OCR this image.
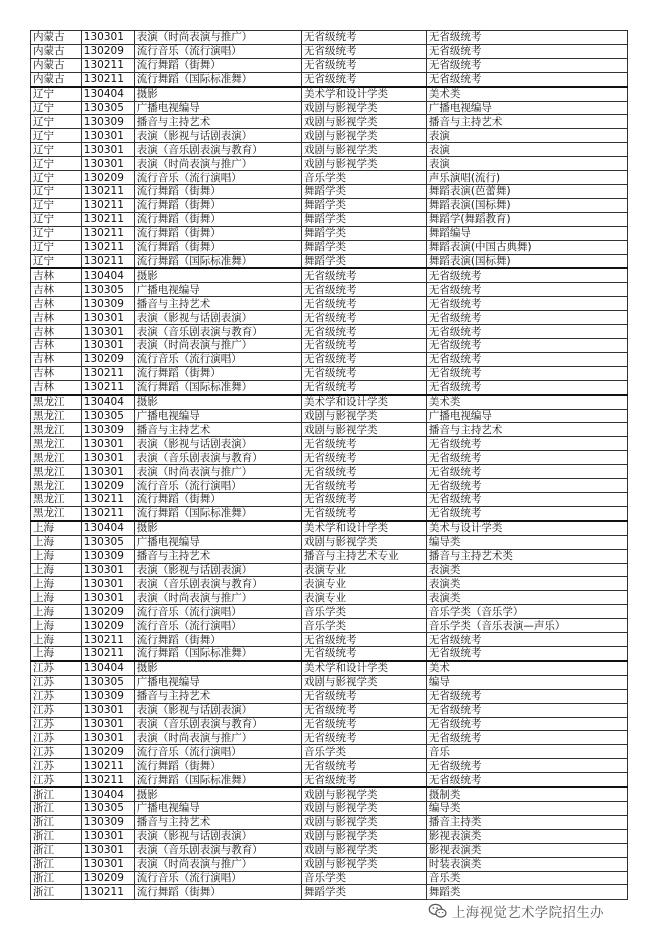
内蒙古	130301	表演（时尚表演与推广）	无省级统考	无省级统考
内蒙古	130209	流行音乐（流行演唱）	无省级统考	无省级统考
内蒙古	130211	流行舞蹈（街舞）	无省级统考	无省级统考
内蒙古	130211	流行舞蹈（国际标准舞）	无省级统考	无省级统考
辽宁	130404	摄影	美术学和设计学类	美术类
辽宁	130305	广播电视编导	戏剧与影视学类	广播电视编导
辽宁	130309	播音与主持艺术	戏剧与影视学类	播音与主持艺术
辽宁	130301	表演（影视与话剧表演）	戏剧与影视学类	表演
辽宁	130301	表演（音乐剧表演与教育）	戏剧与影视学类	表演
辽宁	130301	表演（时尚表演与推广）	戏剧与影视学类	表演
辽宁	130209	流行音乐（流行演唱）	音乐学类	声乐演唱(流行)
辽宁	130211	流行舞蹈（街舞）	舞蹈学类	舞蹈表演(芭蕾舞)
辽宁	130211	流行舞蹈（街舞）	舞蹈学类	舞蹈表演(国标舞)
辽宁	130211	流行舞蹈（街舞）	舞蹈学类	舞蹈学(舞蹈教育)
辽宁	130211	流行舞蹈（街舞）	舞蹈学类	舞蹈编导
辽宁	130211	流行舞蹈（街舞）	舞蹈学类	舞蹈表演(中国古典舞)
辽宁	130211	流行舞蹈（国际标准舞）	舞蹈学类	舞蹈表演(国标舞)
吉林	130404	摄影	无省级统考	无省级统考
吉林	130305	广播电视编导	无省级统考	无省级统考
吉林	130309	播音与主持艺术	无省级统考	无省级统考
吉林	130301	表演（影视与话剧表演）	无省级统考	无省级统考
吉林	130301	表演（音乐剧表演与教育）	无省级统考	无省级统考
吉林	130301	表演（时尚表演与推广）	无省级统考	无省级统考
吉林	130209	流行音乐（流行演唱）	无省级统考	无省级统考
吉林	130211	流行舞蹈（街舞）	无省级统考	无省级统考
吉林	130211	流行舞蹈（国际标准舞）	无省级统考	无省级统考
黑龙江	130404	摄影	美术学和设计学类	美术类
黑龙江	130305	广播电视编导	戏剧与影视学类	广播电视编导
黑龙江	130309	播音与主持艺术	戏剧与影视学类	播音与主持艺术
黑龙江	130301	表演（影视与话剧表演）	无省级统考	无省级统考
黑龙江	130301	表演（音乐剧表演与教育）	无省级统考	无省级统考
黑龙江	130301	表演（时尚表演与推广）	无省级统考	无省级统考
黑龙江	130209	流行音乐（流行演唱）	无省级统考	无省级统考
黑龙江	130211	流行舞蹈（街舞）	无省级统考	无省级统考
黑龙江	130211	流行舞蹈（国际标准舞）	无省级统考	无省级统考
上海	130404	摄影	美术学和设计学类	美术与设计学类
上海	130305	广播电视编导	戏剧与影视学类	编导类
上海	130309	播音与主持艺术	播音与主持艺术专业	播音与主持艺术类
上海	130301	表演（影视与话剧表演）	表演专业	表演类
上海	130301	表演（音乐剧表演与教育）	表演专业	表演类
上海	130301	表演（时尚表演与推广）	表演专业	表演类
上海	130209	流行音乐（流行演唱）	音乐学类	音乐学类（音乐学）
上海	130209	流行音乐（流行演唱）	音乐学类	音乐学类（音乐表演—声乐）
上海	130211	流行舞蹈（街舞）	无省级统考	无省级统考
上海	130211	流行舞蹈（国际标准舞）	无省级统考	无省级统考
江苏	130404	摄影	美术学和设计学类	美术
江苏	130305	广播电视编导	戏剧与影视学类	编导
江苏	130309	播音与主持艺术	无省级统考	无省级统考
江苏	130301	表演（影视与话剧表演）	无省级统考	无省级统考
江苏	130301	表演（音乐剧表演与教育）	无省级统考	无省级统考
江苏	130301	表演（时尚表演与推广）	无省级统考	无省级统考
江苏	130209	流行音乐（流行演唱）	音乐学类	音乐
江苏	130211	流行舞蹈（街舞）	无省级统考	无省级统考
江苏	130211	流行舞蹈（国际标准舞）	无省级统考	无省级统考
浙江	130404	摄影	戏剧与影视学类	摄制类
浙江	130305	广播电视编导	戏剧与影视学类	编导类
浙江	130309	播音与主持艺术	戏剧与影视学类	播音主持类
浙江	130301	表演（影视与话剧表演）	戏剧与影视学类	影视表演类
浙江	130301	表演（音乐剧表演与教育）	戏剧与影视学类	影视表演类
浙江	130301	表演（时尚表演与推广）	戏剧与影视学类	时装表演类
浙江	130209	流行音乐（流行演唱）	音乐学类	音乐类
浙江	130211	流行舞蹈（街舞）	舞蹈学类	舞蹈类
上海视觉艺术学院招生办
